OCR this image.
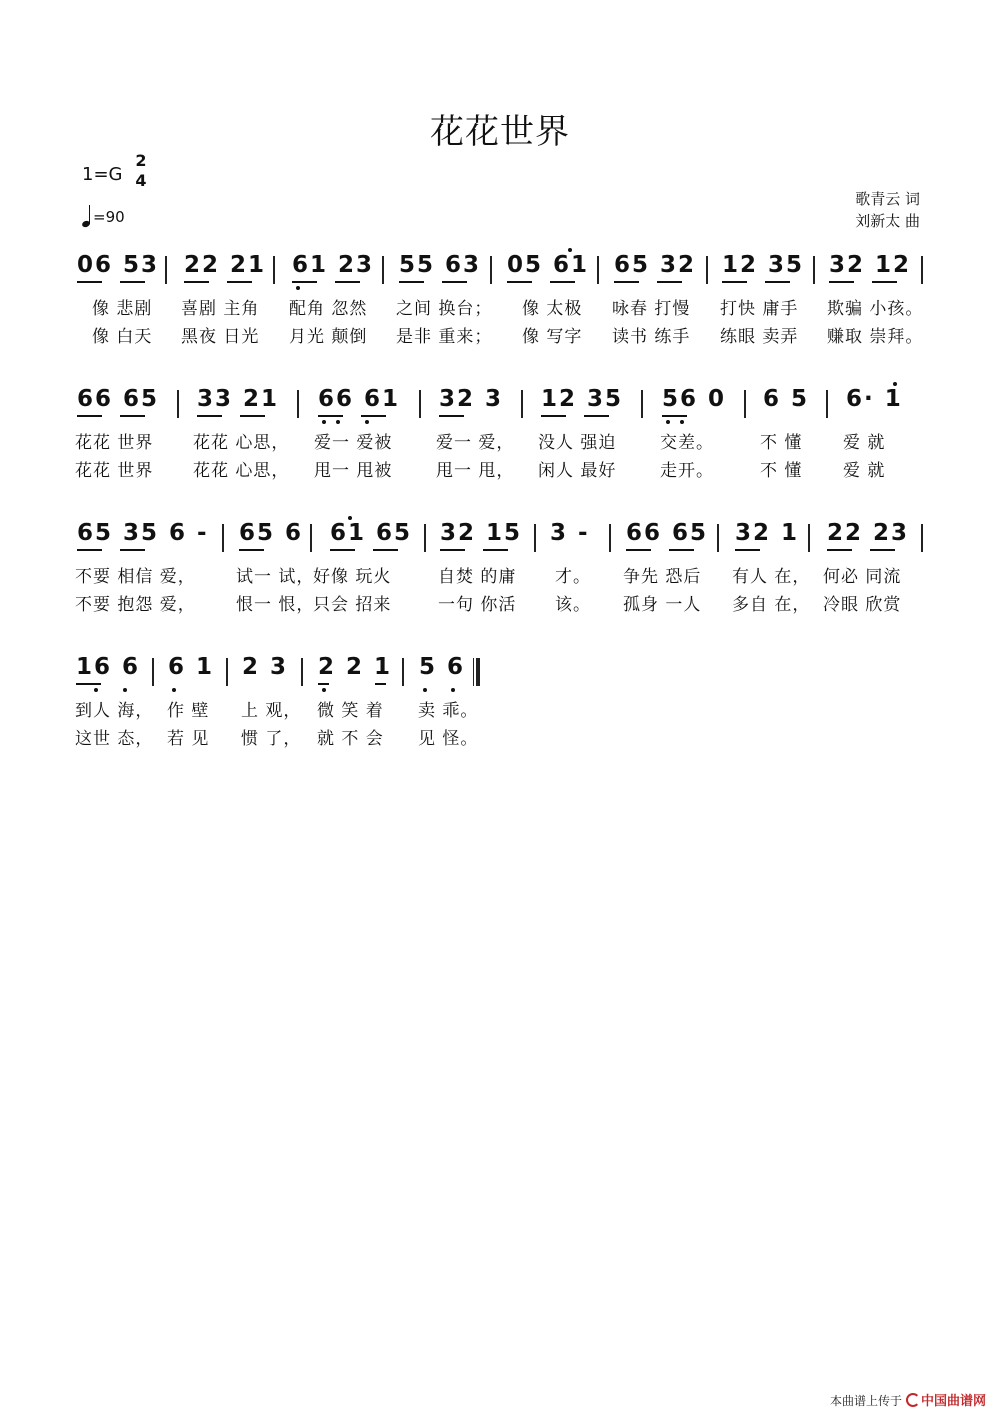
花花世界
1=G
2
4
=90
歌青云 词
刘新太 曲
06 53 22 21 61 23 55 63 05 61 65 32 12 35 32 12
像 悲剧 喜剧 主角 配角 忽然 之间 换台； 像 太极 咏春 打慢 打快 庸手 欺骗 小孩。
像 白天 黑夜 日光 月光 颠倒 是非 重来； 像 写字 读书 练手 练眼 卖弄 赚取 崇拜。
66 65 33 21 66 61 32 3 12 35 56 0 6 5 6· 1
花花 世界 花花 心思， 爱一 爱被	爱一 爱， 没人 强迫	交差。	不 懂 爱 就
花花 世界 花花 心思， 甩一 甩被	甩一 甩， 闲人 最好	走开。	不 懂 爱 就
65 35 6 - 65 6 61 65 32 15 3 - 66 65 32 1 22 23
不要 相信 爱， 试一 试，
好像 玩火	自焚 的庸 才。 争先 恐后 有人 在， 何必 同流
不要 抱怨 爱， 恨一 恨，
只会 招来	一句 你活 该。 孤身 一人 多自 在， 冷眼 欣赏
16 6 6 1 2 3 2 2 1 5 6
到人 海， 作 壁 上 观， 微 笑 着 卖 乖。
这世 态， 若 见 惯 了， 就 不 会 见 怪。
本曲谱上传于 中国曲谱网
